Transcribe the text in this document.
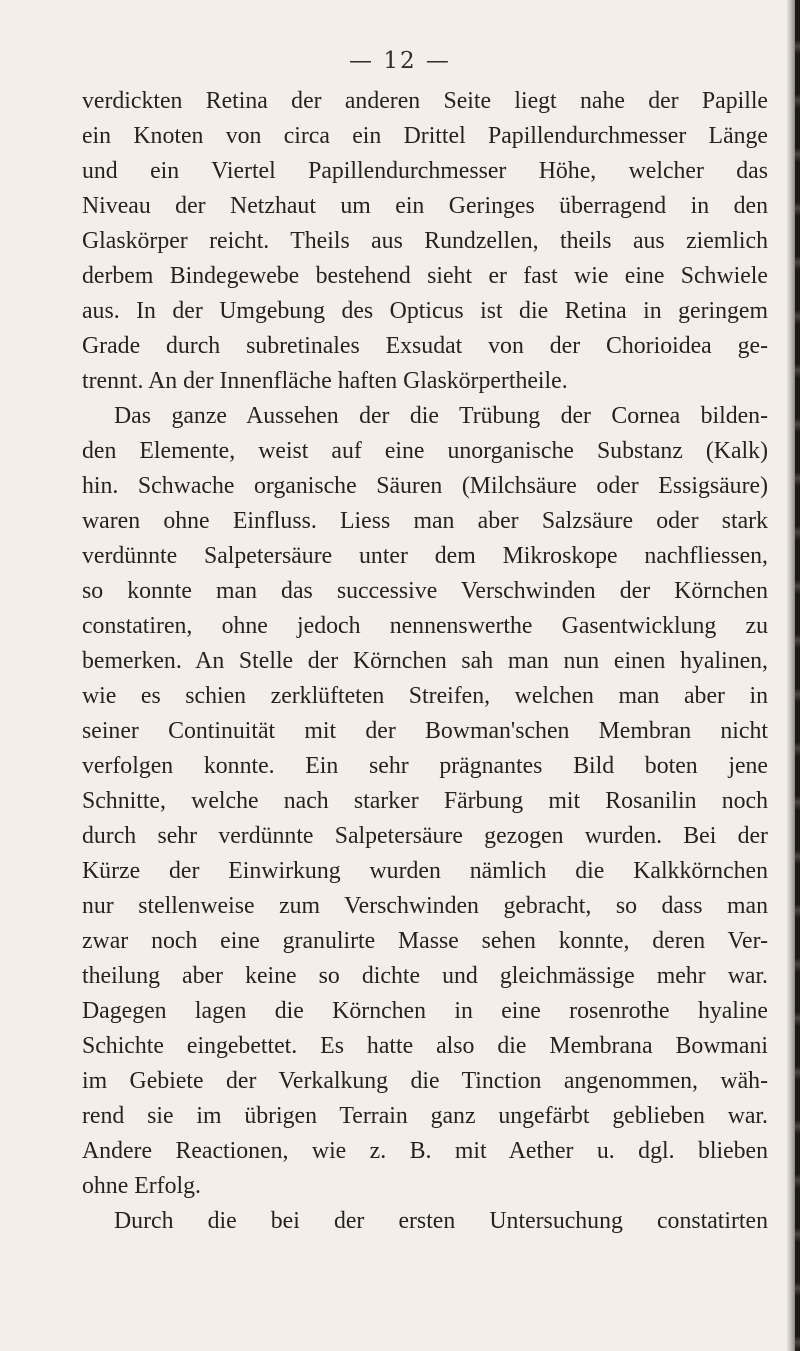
— 12 —
verdickten Retina der anderen Seite liegt nahe der Papille
ein Knoten von circa ein Drittel Papillendurchmesser Länge
und ein Viertel Papillendurchmesser Höhe, welcher das
Niveau der Netzhaut um ein Geringes überragend in den
Glaskörper reicht. Theils aus Rundzellen, theils aus ziemlich
derbem Bindegewebe bestehend sieht er fast wie eine Schwiele
aus. In der Umgebung des Opticus ist die Retina in geringem
Grade durch subretinales Exsudat von der Chorioidea ge-
trennt. An der Innenfläche haften Glaskörpertheile.
Das ganze Aussehen der die Trübung der Cornea bilden-
den Elemente, weist auf eine unorganische Substanz (Kalk)
hin. Schwache organische Säuren (Milchsäure oder Essigsäure)
waren ohne Einfluss. Liess man aber Salzsäure oder stark
verdünnte Salpetersäure unter dem Mikroskope nachfliessen,
so konnte man das successive Verschwinden der Körnchen
constatiren, ohne jedoch nennenswerthe Gasentwicklung zu
bemerken. An Stelle der Körnchen sah man nun einen hyalinen,
wie es schien zerklüfteten Streifen, welchen man aber in
seiner Continuität mit der Bowman'schen Membran nicht
verfolgen konnte. Ein sehr prägnantes Bild boten jene
Schnitte, welche nach starker Färbung mit Rosanilin noch
durch sehr verdünnte Salpetersäure gezogen wurden. Bei der
Kürze der Einwirkung wurden nämlich die Kalkkörnchen
nur stellenweise zum Verschwinden gebracht, so dass man
zwar noch eine granulirte Masse sehen konnte, deren Ver-
theilung aber keine so dichte und gleichmässige mehr war.
Dagegen lagen die Körnchen in eine rosenrothe hyaline
Schichte eingebettet. Es hatte also die Membrana Bowmani
im Gebiete der Verkalkung die Tinction angenommen, wäh-
rend sie im übrigen Terrain ganz ungefärbt geblieben war.
Andere Reactionen, wie z. B. mit Aether u. dgl. blieben
ohne Erfolg.
Durch die bei der ersten Untersuchung constatirten
